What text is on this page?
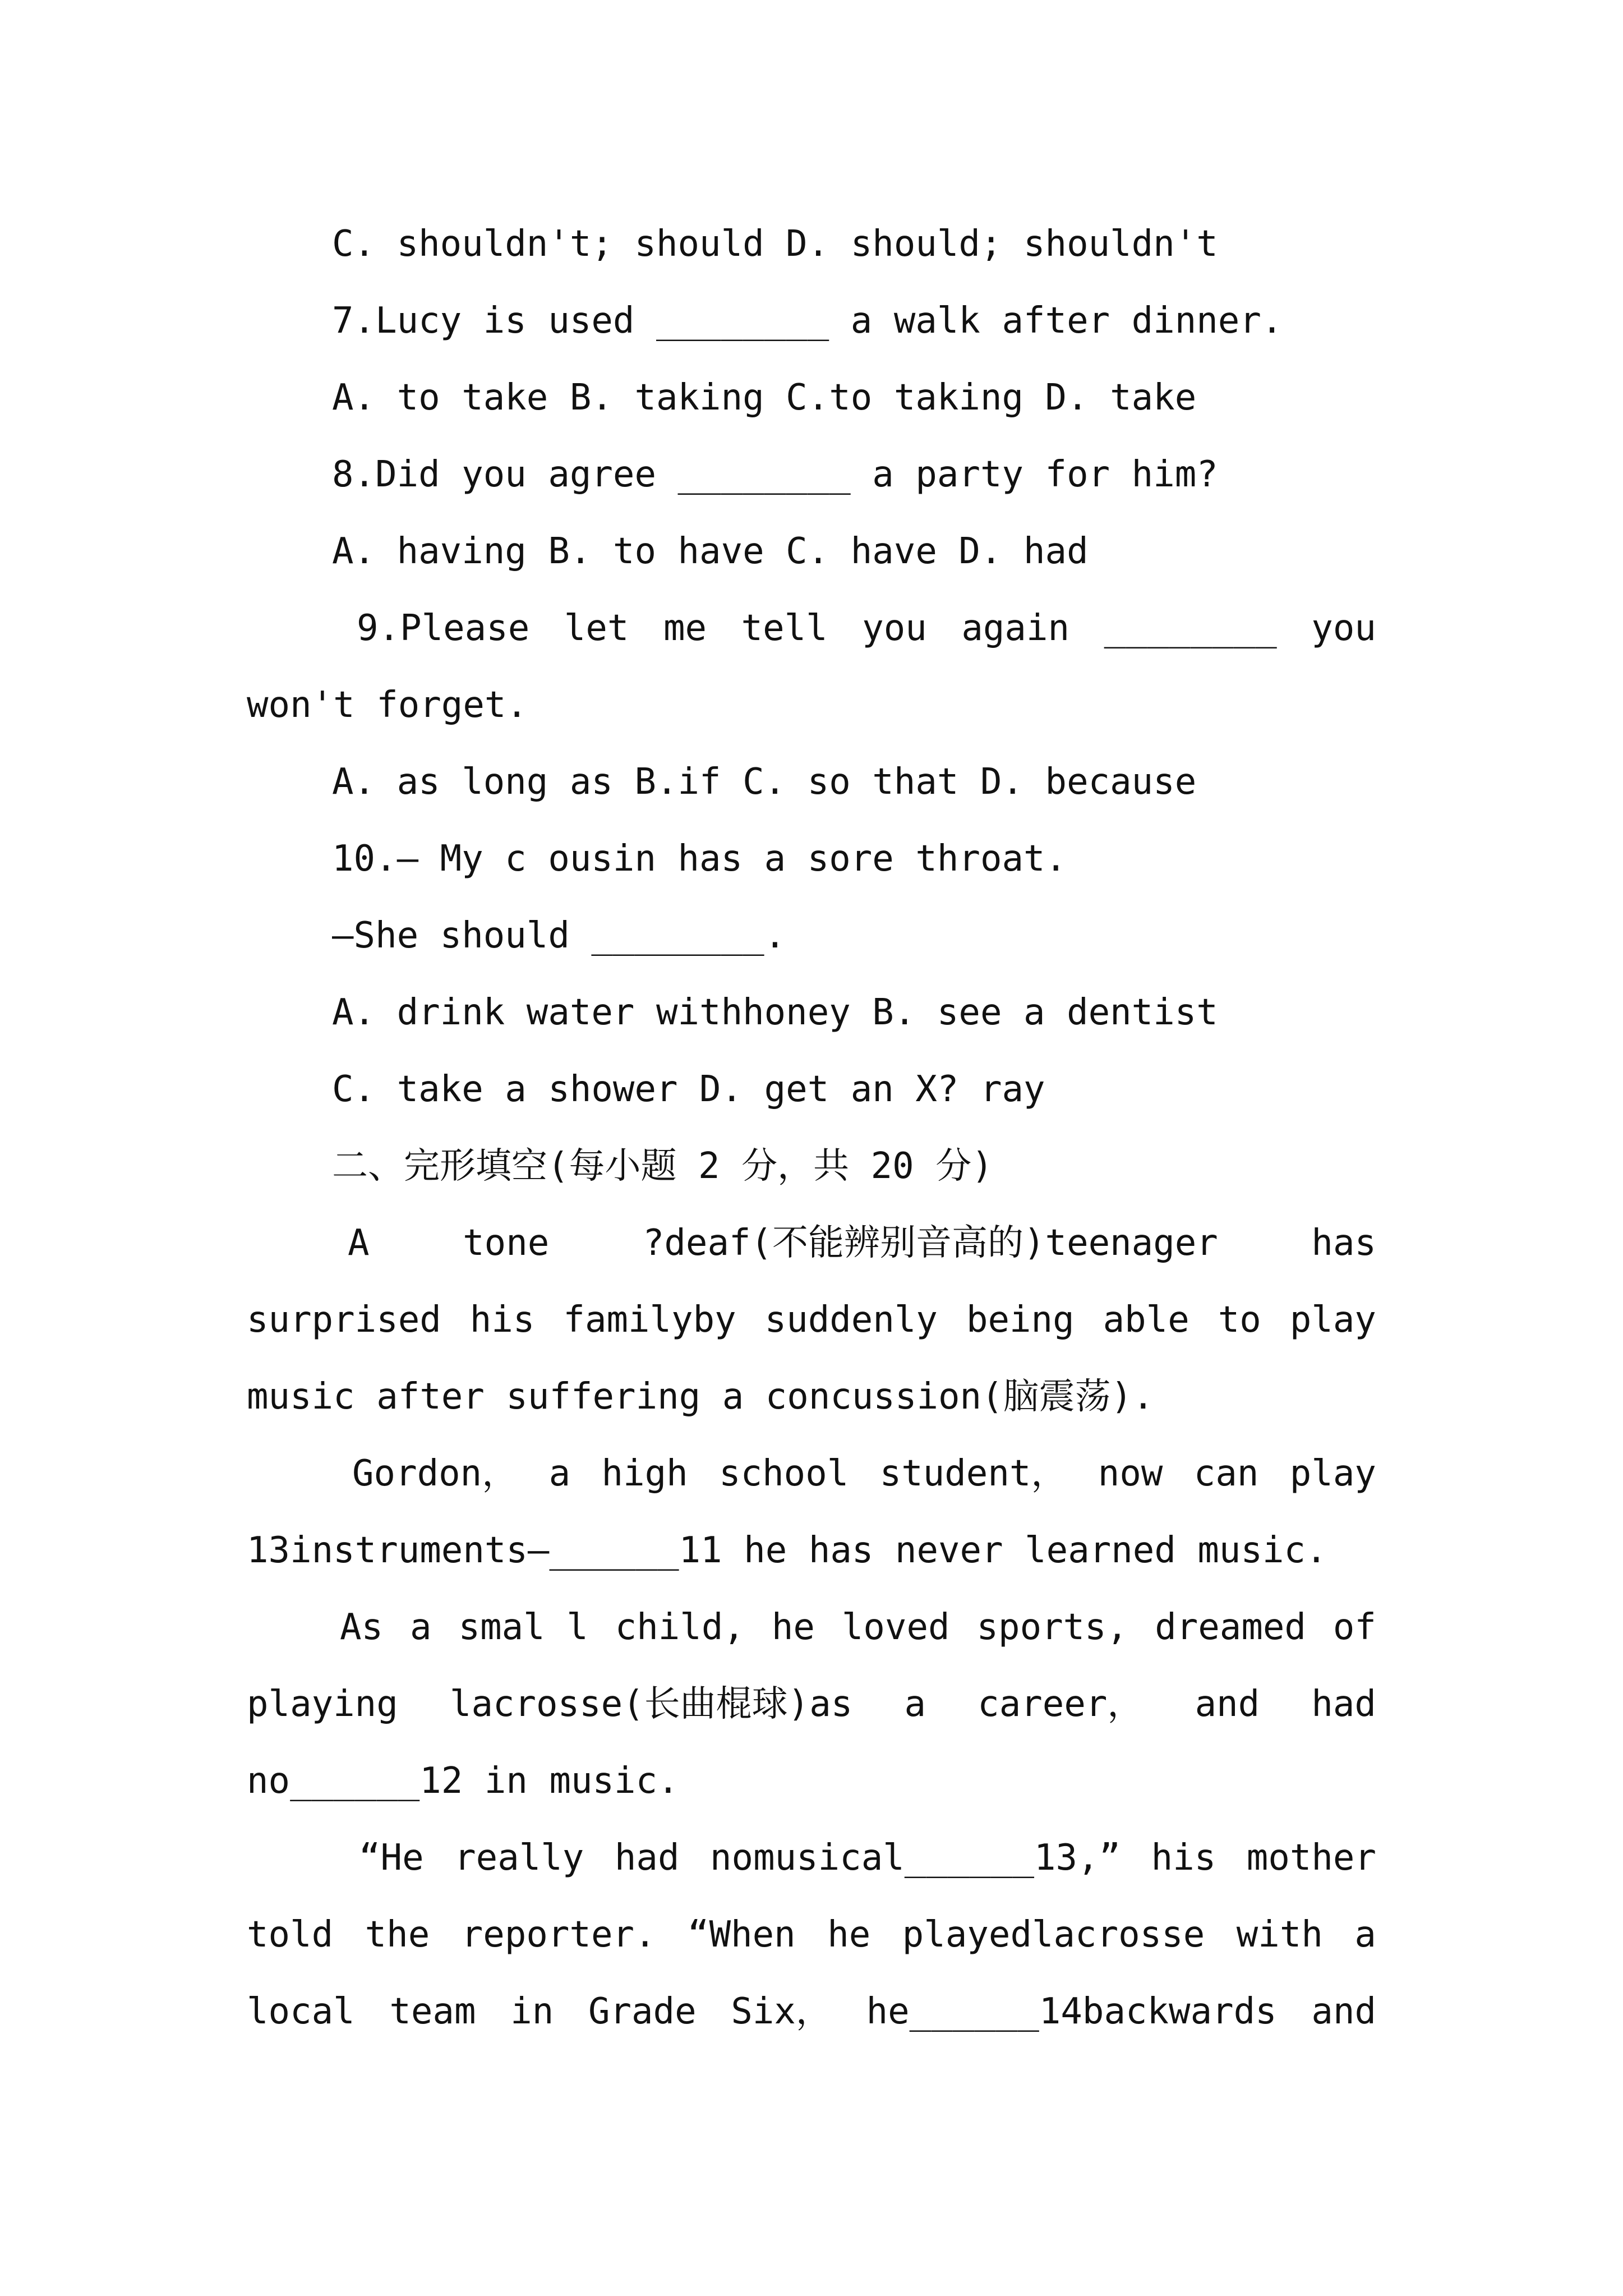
C. shouldn't; should D. should; shouldn't

7.Lucy is used ________ a walk after dinner.

A. to take B. taking C.to taking D. take

8.Did you agree ________ a party for him?

A. having B. to have C. have D. had

9.Please let me tell you again ________ you

won't forget.

A. as long as B.if C. so that D. because

10.— My c ousin has a sore throat.

—She should ________.

A. drink water withhoney B. see a dentist

C. take a shower D. get an X? ray

二、完形填空(每小题 2 分，共 20 分)

A	tone	?deaf(不能辨别音高的)teenager	has

surprised his familyby suddenly being able to play

music after suffering a concussion(脑震荡).

Gordon， a high school student， now can play

13instruments—______11 he has never learned music.

As a smal l child, he loved sports, dreamed of

playing lacrosse(长曲棍球)as a career， and had

no______12 in music.

“He really had nomusical______13,” his mother

told the reporter. “When he playedlacrosse with a

local team in Grade Six， he______14backwards and
